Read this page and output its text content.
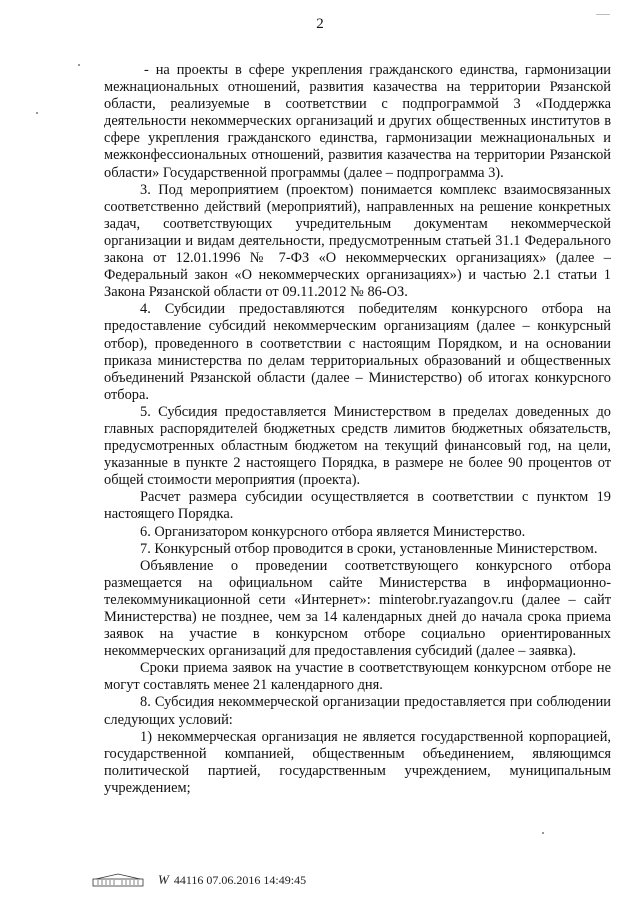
2

- на проекты в сфере укрепления гражданского единства, гармонизации межнациональных отношений, развития казачества на территории Рязанской области, реализуемые в соответствии с подпрограммой 3 «Поддержка деятельности некоммерческих организаций и других общественных институтов в сфере укрепления гражданского единства, гармонизации межнациональных и межконфессиональных отношений, развития казачества на территории Рязанской области» Государственной программы (далее – подпрограмма 3).

3. Под мероприятием (проектом) понимается комплекс взаимосвязанных соответственно действий (мероприятий), направленных на решение конкретных задач, соответствующих учредительным документам некоммерческой организации и видам деятельности, предусмотренным статьей 31.1 Федерального закона от 12.01.1996 № 7-ФЗ «О некоммерческих организациях» (далее – Федеральный закон «О некоммерческих организациях») и частью 2.1 статьи 1 Закона Рязанской области от 09.11.2012 № 86-ОЗ.

4. Субсидии предоставляются победителям конкурсного отбора на предоставление субсидий некоммерческим организациям (далее – конкурсный отбор), проведенного в соответствии с настоящим Порядком, и на основании приказа министерства по делам территориальных образований и общественных объединений Рязанской области (далее – Министерство) об итогах конкурсного отбора.

5. Субсидия предоставляется Министерством в пределах доведенных до главных распорядителей бюджетных средств лимитов бюджетных обязательств, предусмотренных областным бюджетом на текущий финансовый год, на цели, указанные в пункте 2 настоящего Порядка, в размере не более 90 процентов от общей стоимости мероприятия (проекта).

Расчет размера субсидии осуществляется в соответствии с пунктом 19 настоящего Порядка.

6. Организатором конкурсного отбора является Министерство.

7. Конкурсный отбор проводится в сроки, установленные Министерством.

Объявление о проведении соответствующего конкурсного отбора размещается на официальном сайте Министерства в информационно-телекоммуникационной сети «Интернет»: minterobr.ryazangov.ru (далее – сайт Министерства) не позднее, чем за 14 календарных дней до начала срока приема заявок на участие в конкурсном отборе социально ориентированных некоммерческих организаций для предоставления субсидий (далее – заявка).

Сроки приема заявок на участие в соответствующем конкурсном отборе не могут составлять менее 21 календарного дня.

8. Субсидия некоммерческой организации предоставляется при соблюдении следующих условий:

1) некоммерческая организация не является государственной корпорацией, государственной компанией, общественным объединением, являющимся политической партией, государственным учреждением, муниципальным учреждением;

W 44116 07.06.2016 14:49:45
